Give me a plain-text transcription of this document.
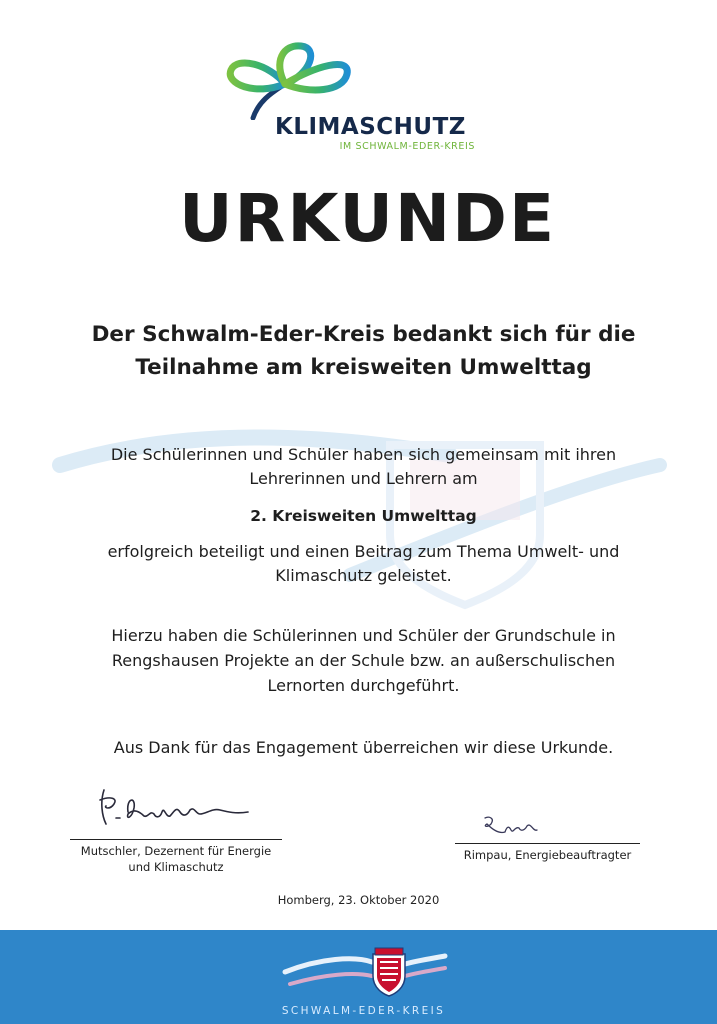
KLIMASCHUTZ
IM SCHWALM-EDER-KREIS
URKUNDE
Der Schwalm-Eder-Kreis bedankt sich für die
Teilnahme am kreisweiten Umwelttag
Die Schülerinnen und Schüler haben sich gemeinsam mit ihren
Lehrerinnen und Lehrern am
2. Kreisweiten Umwelttag
erfolgreich beteiligt und einen Beitrag zum Thema Umwelt- und
Klimaschutz geleistet.
Hierzu haben die Schülerinnen und Schüler der Grundschule in
Rengshausen Projekte an der Schule bzw. an außerschulischen
Lernorten durchgeführt.
Aus Dank für das Engagement überreichen wir diese Urkunde.
Mutschler, Dezernent für Energie
und Klimaschutz
Rimpau, Energiebeauftragter
Homberg, 23. Oktober 2020
SCHWALM-EDER-KREIS
